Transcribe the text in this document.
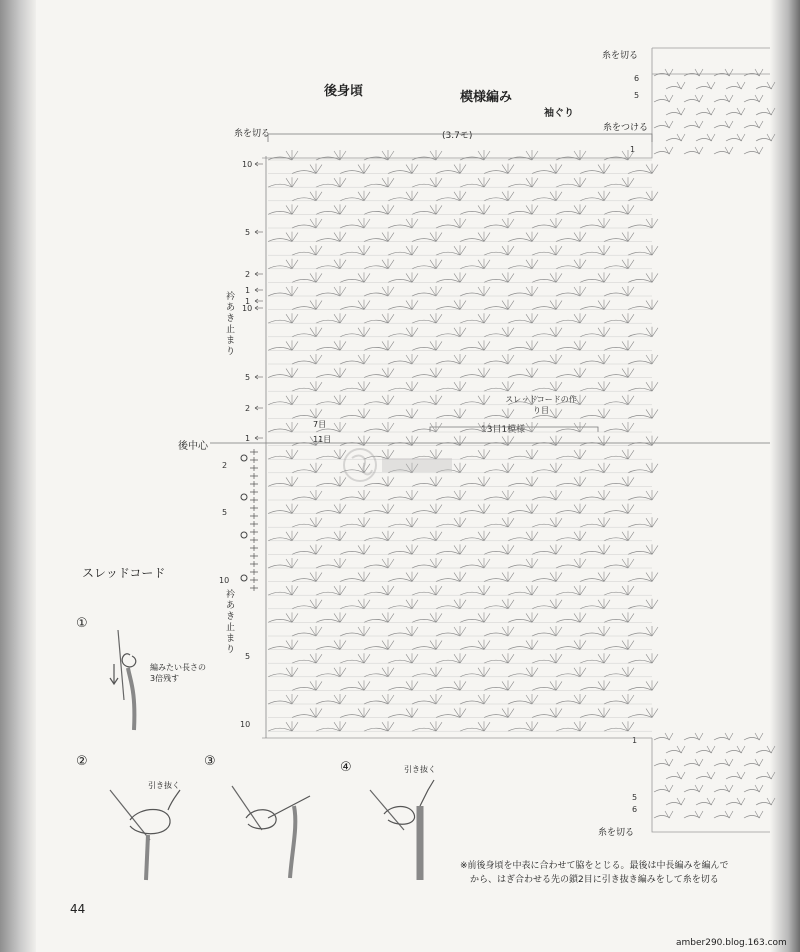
後身頃	模様編み
袖ぐり
糸を切る
糸を切る	(3.7モ)
糸をつける
糸を切る
後中心
衿あき止まり
衿あき止まり
スレッドコードの作り目
13目1模様
7目
11目
10
5
2
1
1
10
5
2
1
2
5
10
5
10
6
5
1
1
5
6
スレッドコード
①
編みたい長さの3倍残す
②
引き抜く
③	④	引き抜く
※前後身頃を中表に合わせて脇をとじる。最後は中長編みを編んで
から、はぎ合わせる先の鎖2目に引き抜き編みをして糸を切る
44
amber290.blog.163.com
